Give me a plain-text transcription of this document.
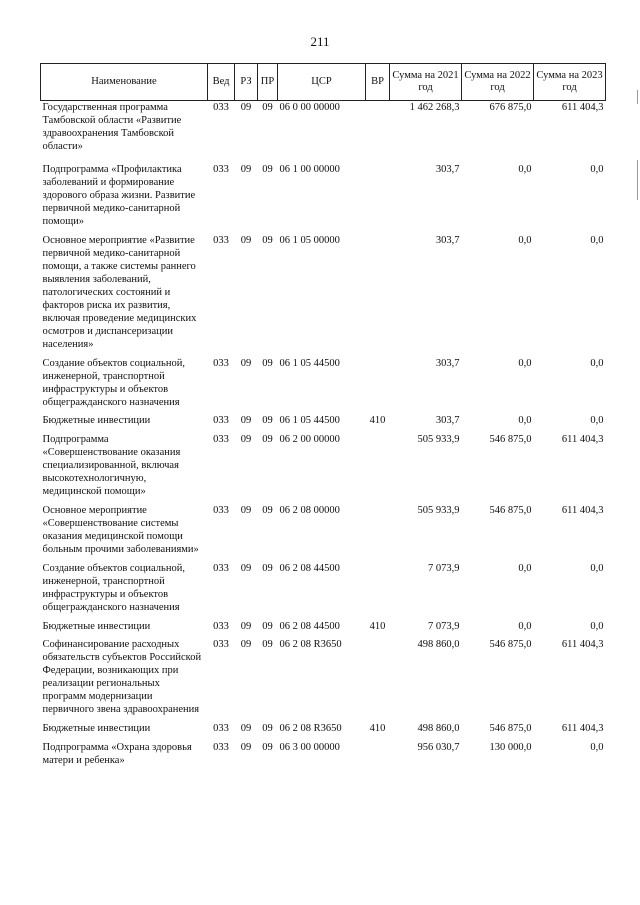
211
Наименование	Вед	РЗ	ПР	ЦСР	ВР	Сумма на 2021 год	Сумма на 2022 год	Сумма на 2023 год
Государственная программа Тамбовской области «Развитие здравоохранения Тамбовской области»	033	09	09	06 0 00 00000		1 462 268,3	676 875,0	611 404,3
Подпрограмма «Профилактика заболеваний и формирование здорового образа жизни. Развитие первичной медико-санитарной помощи»	033	09	09	06 1 00 00000		303,7	0,0	0,0
Основное мероприятие «Развитие первичной медико-санитарной помощи, а также системы раннего выявления заболеваний, патологических состояний и факторов риска их развития, включая проведение медицинских осмотров и диспансеризации населения»	033	09	09	06 1 05 00000		303,7	0,0	0,0
Создание объектов социальной, инженерной, транспортной инфраструктуры и объектов общегражданского назначения	033	09	09	06 1 05 44500		303,7	0,0	0,0
Бюджетные инвестиции	033	09	09	06 1 05 44500	410	303,7	0,0	0,0
Подпрограмма «Совершенствование оказания специализированной, включая высокотехнологичную, медицинской помощи»	033	09	09	06 2 00 00000		505 933,9	546 875,0	611 404,3
Основное мероприятие «Совершенствование системы оказания медицинской помощи больным прочими заболеваниями»	033	09	09	06 2 08 00000		505 933,9	546 875,0	611 404,3
Создание объектов социальной, инженерной, транспортной инфраструктуры и объектов общегражданского назначения	033	09	09	06 2 08 44500		7 073,9	0,0	0,0
Бюджетные инвестиции	033	09	09	06 2 08 44500	410	7 073,9	0,0	0,0
Софинансирование расходных обязательств субъектов Российской Федерации, возникающих при реализации региональных программ модернизации первичного звена здравоохранения	033	09	09	06 2 08 R3650		498 860,0	546 875,0	611 404,3
Бюджетные инвестиции	033	09	09	06 2 08 R3650	410	498 860,0	546 875,0	611 404,3
Подпрограмма «Охрана здоровья матери и ребенка»	033	09	09	06 3 00 00000		956 030,7	130 000,0	0,0
